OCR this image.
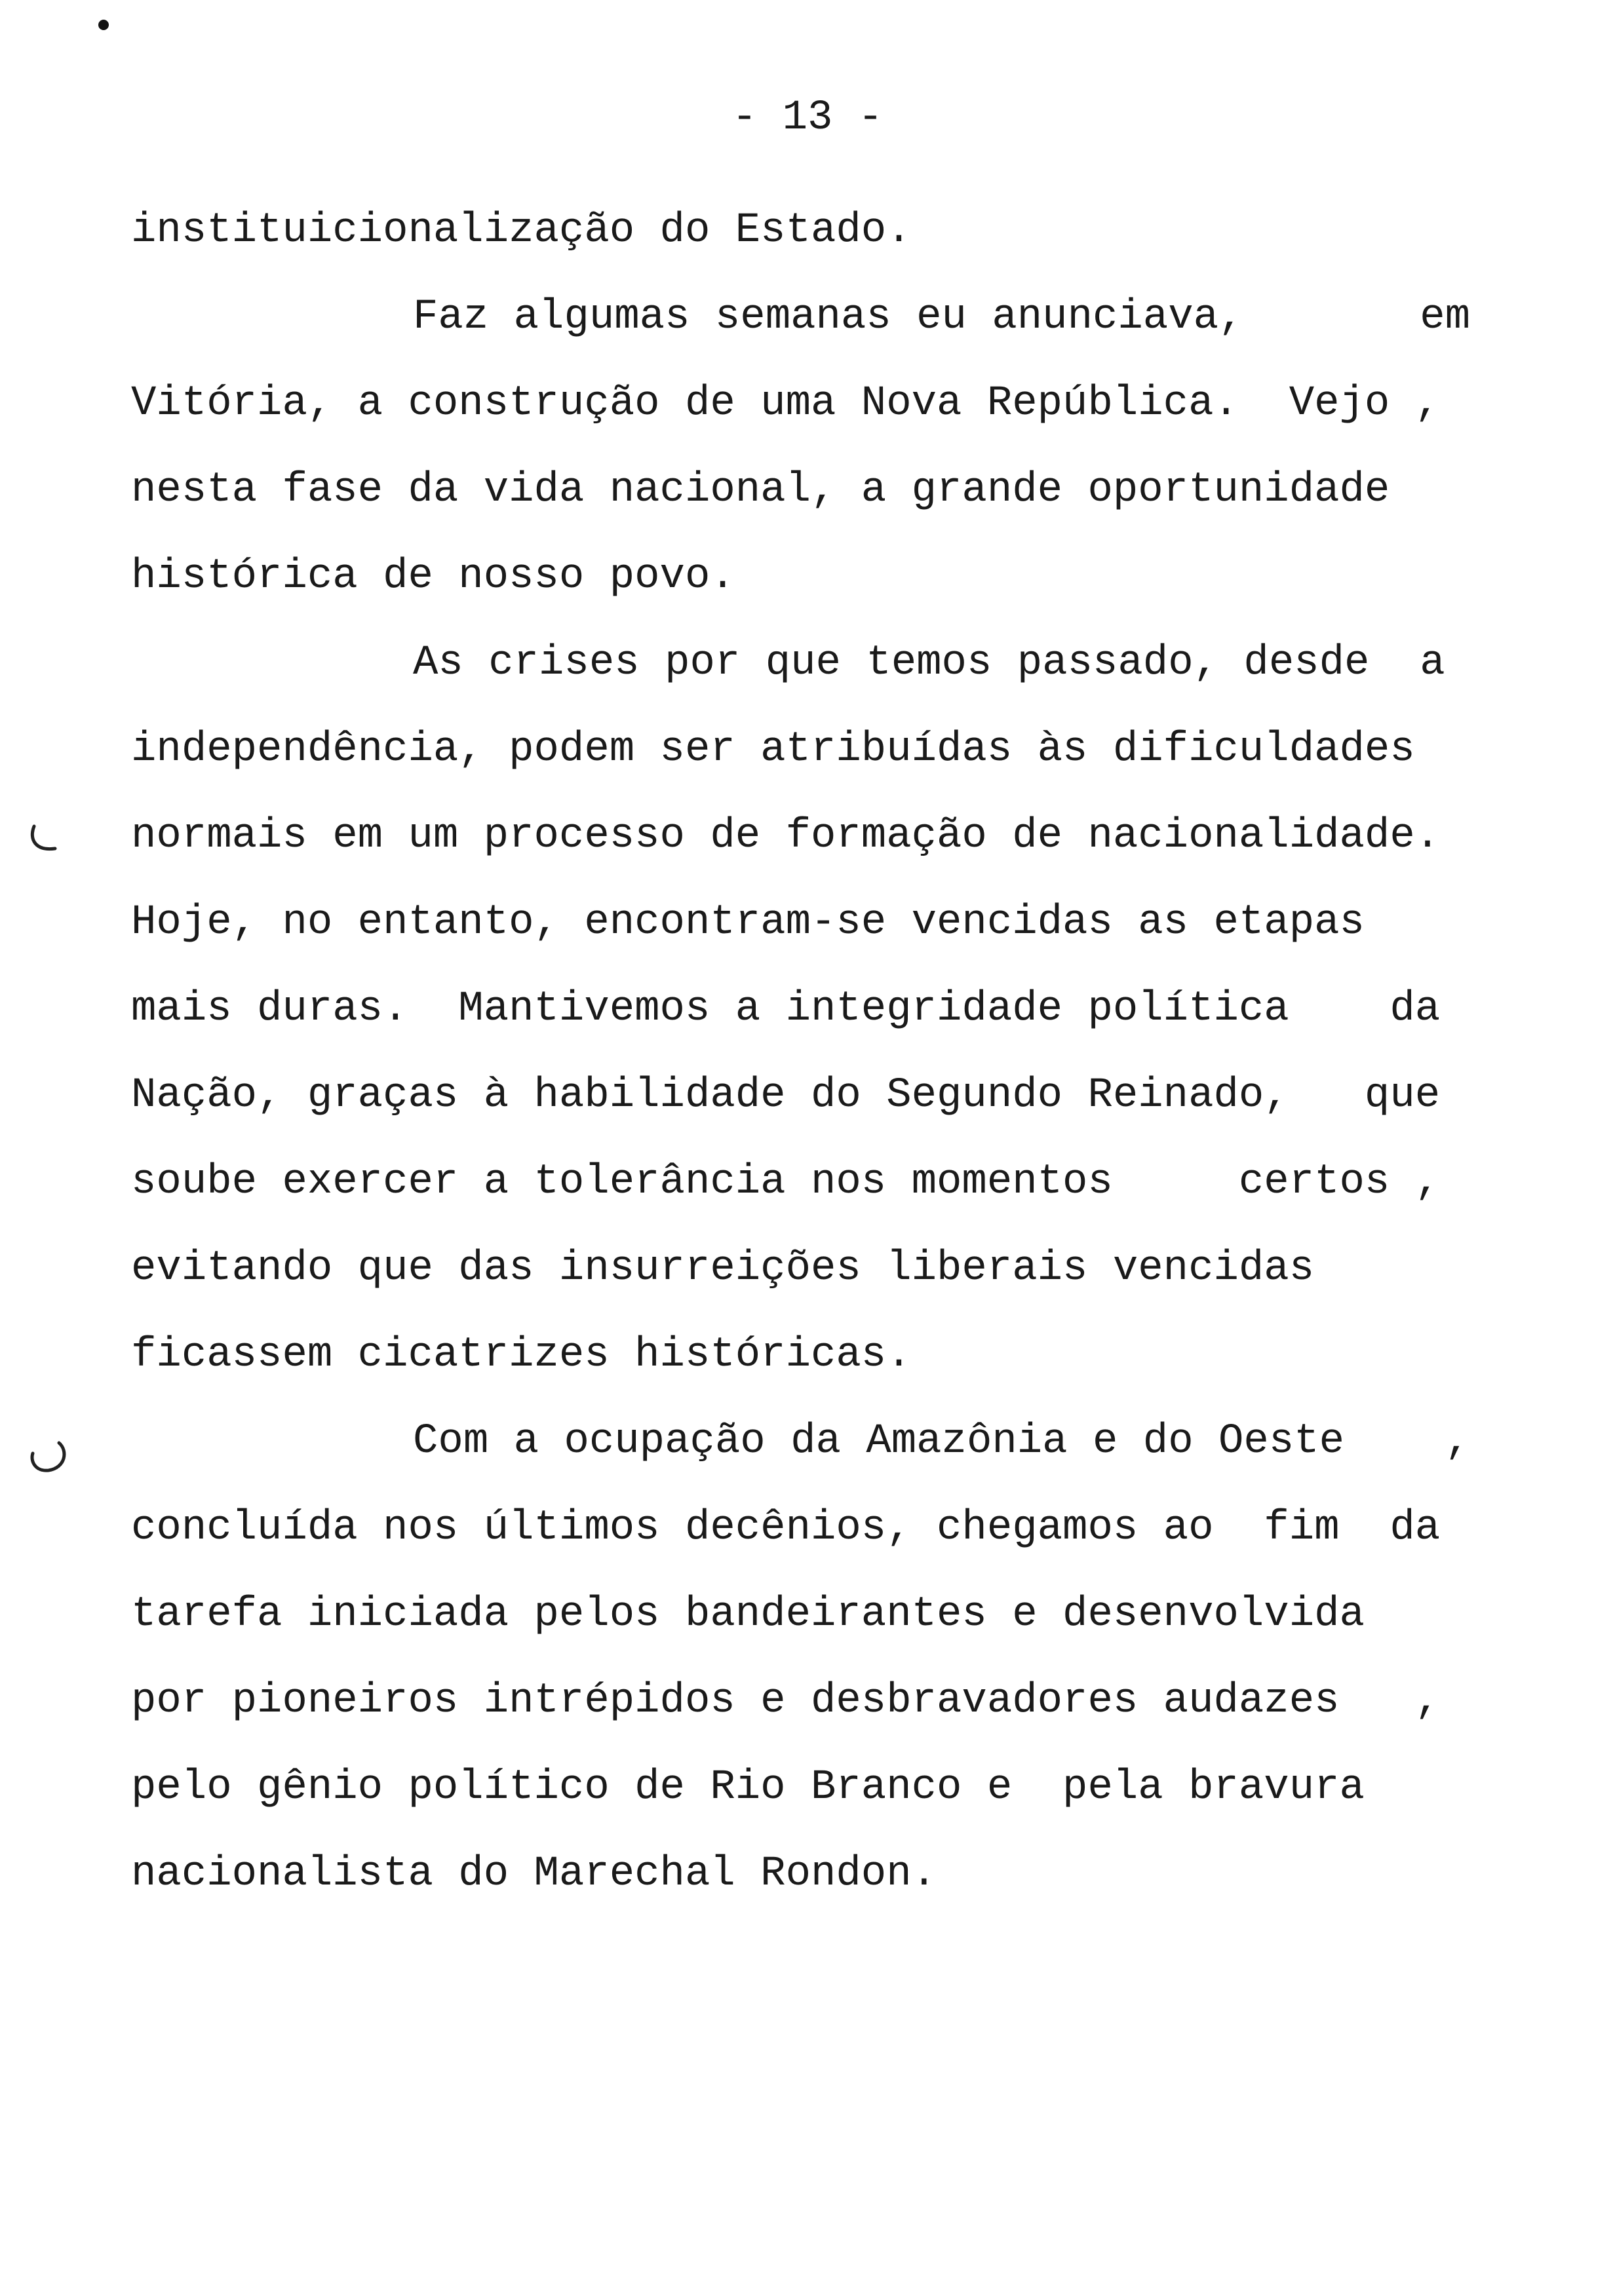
- 13 -
instituicionalização do Estado.
Faz algumas semanas eu anunciava,       em
Vitória, a construção de uma Nova República.  Vejo ,
nesta fase da vida nacional, a grande oportunidade
histórica de nosso povo.
As crises por que temos passado, desde  a
independência, podem ser atribuídas às dificuldades
normais em um processo de formação de nacionalidade.
Hoje, no entanto, encontram-se vencidas as etapas
mais duras.  Mantivemos a integridade política    da
Nação, graças à habilidade do Segundo Reinado,   que
soube exercer a tolerância nos momentos     certos ,
evitando que das insurreições liberais vencidas
ficassem cicatrizes históricas.
Com a ocupação da Amazônia e do Oeste    ,
concluída nos últimos decênios, chegamos ao  fim  da
tarefa iniciada pelos bandeirantes e desenvolvida
por pioneiros intrépidos e desbravadores audazes   ,
pelo gênio político de Rio Branco e  pela bravura
nacionalista do Marechal Rondon.
